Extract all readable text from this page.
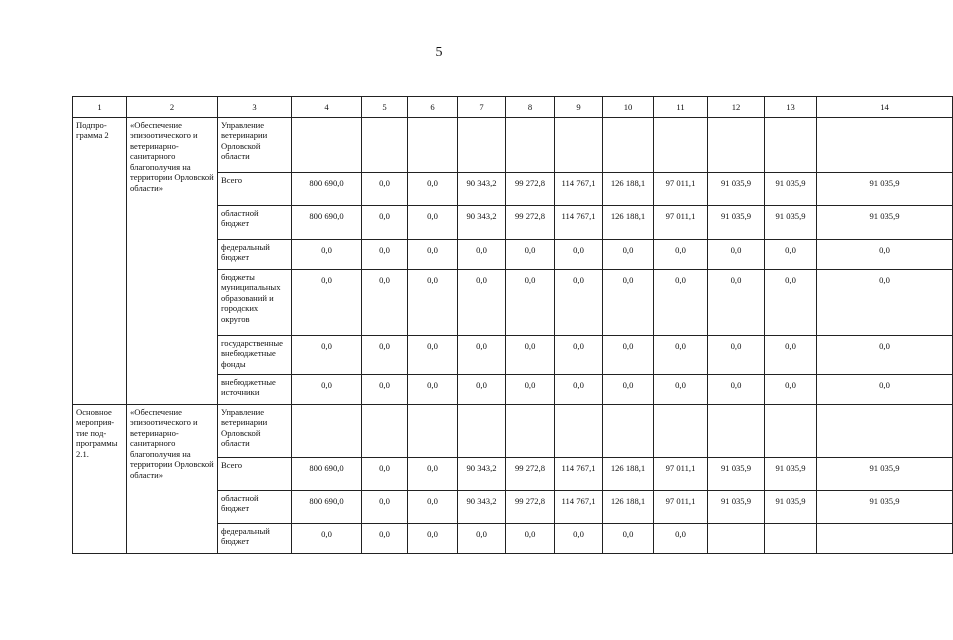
5
1	2	3	4	5	6	7	8	9	10	11	12	13	14
Подпро-грамма 2	«Обеспечение эпизоотического и ветеринарно-санитарного благополучия на территории Орловской области»	Управление ветеринарии Орловской области											
		Всего	800 690,0	0,0	0,0	90 343,2	99 272,8	114 767,1	126 188,1	97 011,1	91 035,9	91 035,9	91 035,9
		областной бюджет	800 690,0	0,0	0,0	90 343,2	99 272,8	114 767,1	126 188,1	97 011,1	91 035,9	91 035,9	91 035,9
		федеральный бюджет	0,0	0,0	0,0	0,0	0,0	0,0	0,0	0,0	0,0	0,0	0,0
		бюджеты муниципальных образований и городских округов	0,0	0,0	0,0	0,0	0,0	0,0	0,0	0,0	0,0	0,0	0,0
		государственные внебюджетные фонды	0,0	0,0	0,0	0,0	0,0	0,0	0,0	0,0	0,0	0,0	0,0
		внебюджетные источники	0,0	0,0	0,0	0,0	0,0	0,0	0,0	0,0	0,0	0,0	0,0
Основное мероприя-тие под-программы 2.1.	«Обеспечение эпизоотического и ветеринарно-санитарного благополучия на территории Орловской области»	Управление ветеринарии Орловской области											
		Всего	800 690,0	0,0	0,0	90 343,2	99 272,8	114 767,1	126 188,1	97 011,1	91 035,9	91 035,9	91 035,9
		областной бюджет	800 690,0	0,0	0,0	90 343,2	99 272,8	114 767,1	126 188,1	97 011,1	91 035,9	91 035,9	91 035,9
		федеральный бюджет	0,0	0,0	0,0	0,0	0,0	0,0	0,0	0,0			
